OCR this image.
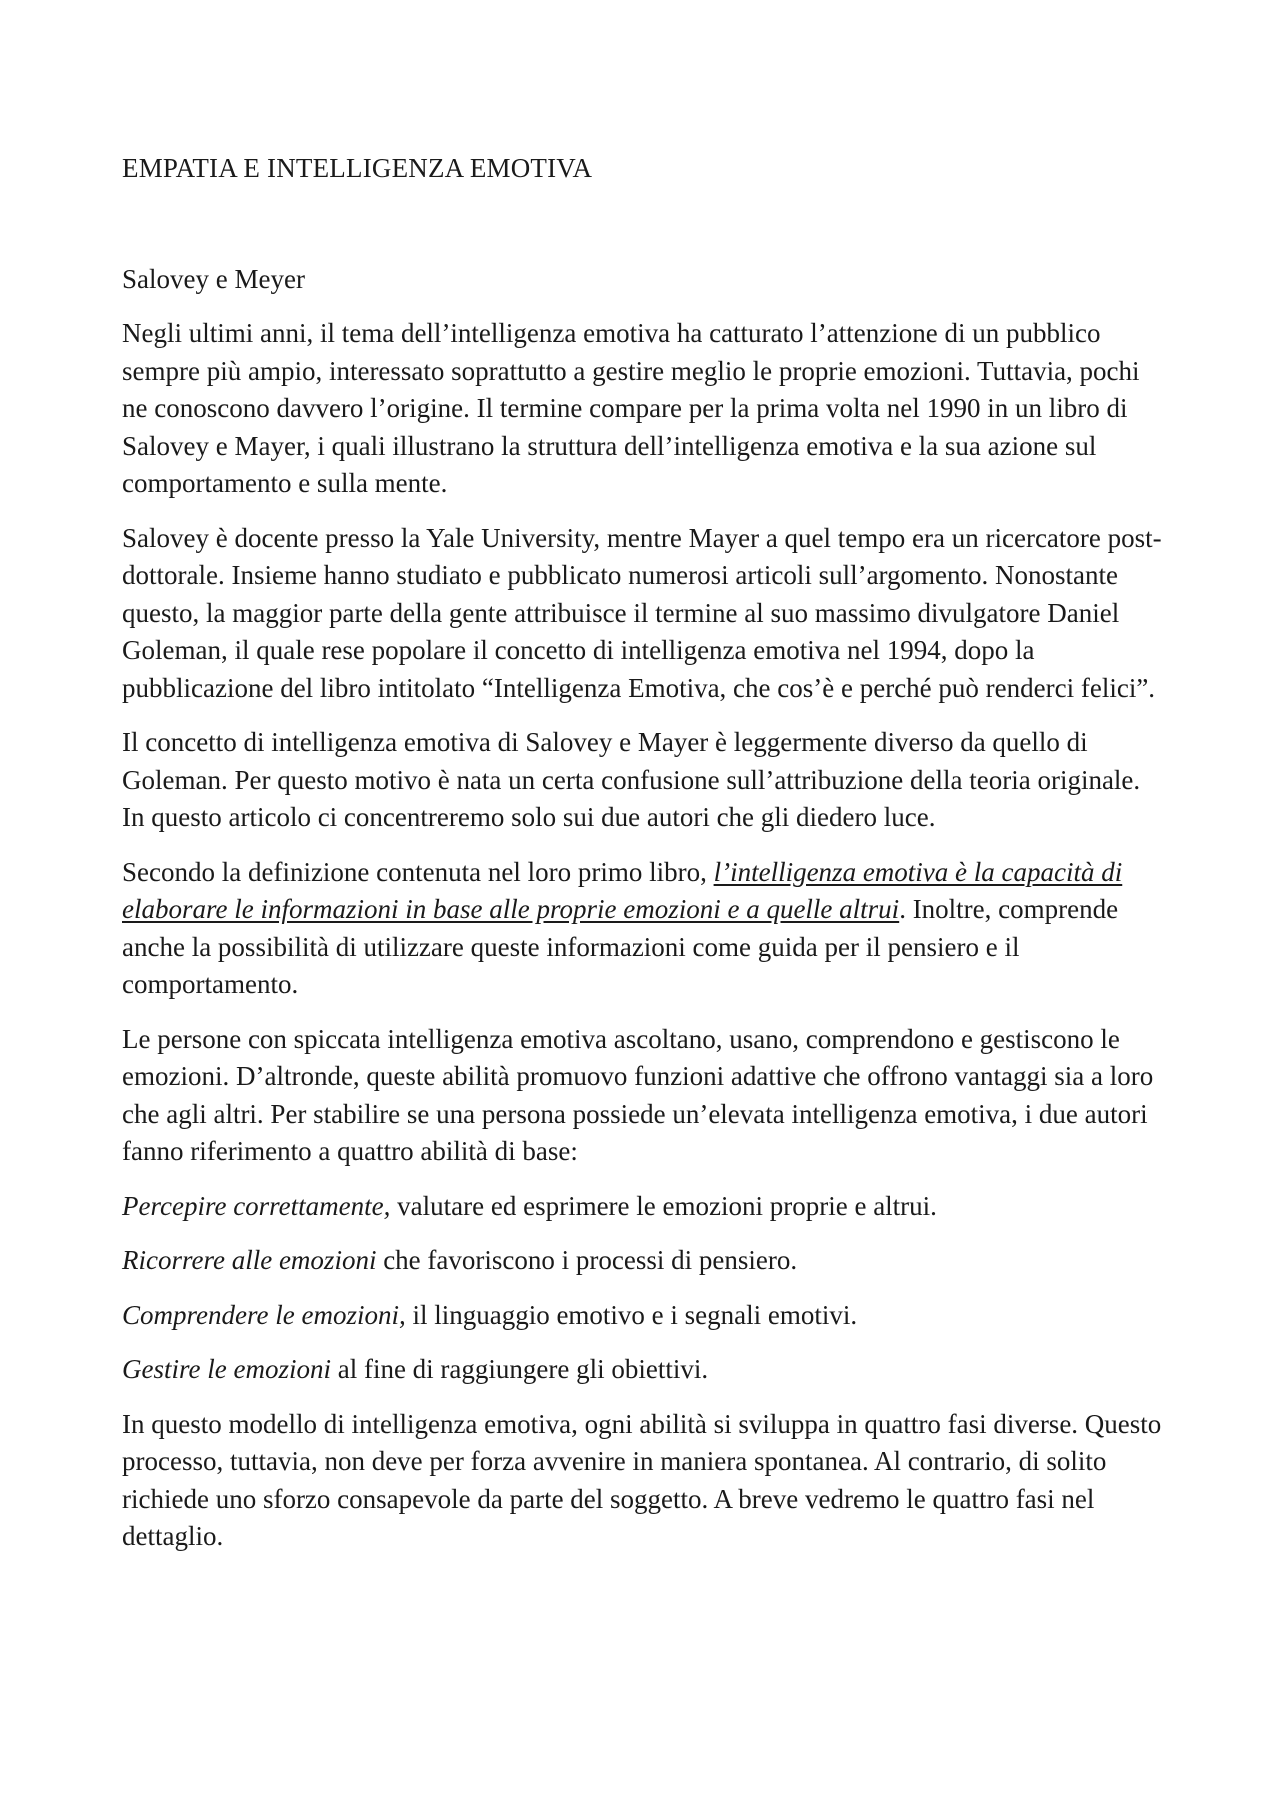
EMPATIA E INTELLIGENZA EMOTIVA
Salovey e Meyer

Negli ultimi anni, il tema dell’intelligenza emotiva ha catturato l’attenzione di un pubblico sempre più ampio, interessato soprattutto a gestire meglio le proprie emozioni. Tuttavia, pochi ne conoscono davvero l’origine. Il termine compare per la prima volta nel 1990 in un libro di Salovey e Mayer, i quali illustrano la struttura dell’intelligenza emotiva e la sua azione sul comportamento e sulla mente.

Salovey è docente presso la Yale University, mentre Mayer a quel tempo era un ricercatore post-dottorale. Insieme hanno studiato e pubblicato numerosi articoli sull’argomento. Nonostante questo, la maggior parte della gente attribuisce il termine al suo massimo divulgatore Daniel Goleman, il quale rese popolare il concetto di intelligenza emotiva nel 1994, dopo la pubblicazione del libro intitolato “Intelligenza Emotiva, che cos’è e perché può renderci felici”.

Il concetto di intelligenza emotiva di Salovey e Mayer è leggermente diverso da quello di Goleman. Per questo motivo è nata un certa confusione sull’attribuzione della teoria originale. In questo articolo ci concentreremo solo sui due autori che gli diedero luce.

Secondo la definizione contenuta nel loro primo libro, l’intelligenza emotiva è la capacità di elaborare le informazioni in base alle proprie emozioni e a quelle altrui. Inoltre, comprende anche la possibilità di utilizzare queste informazioni come guida per il pensiero e il comportamento.

Le persone con spiccata intelligenza emotiva ascoltano, usano, comprendono e gestiscono le emozioni. D’altronde, queste abilità promuovo funzioni adattive che offrono vantaggi sia a loro che agli altri. Per stabilire se una persona possiede un’elevata intelligenza emotiva, i due autori fanno riferimento a quattro abilità di base:

Percepire correttamente, valutare ed esprimere le emozioni proprie e altrui.

Ricorrere alle emozioni che favoriscono i processi di pensiero.

Comprendere le emozioni, il linguaggio emotivo e i segnali emotivi.

Gestire le emozioni al fine di raggiungere gli obiettivi.

In questo modello di intelligenza emotiva, ogni abilità si sviluppa in quattro fasi diverse. Questo processo, tuttavia, non deve per forza avvenire in maniera spontanea. Al contrario, di solito richiede uno sforzo consapevole da parte del soggetto. A breve vedremo le quattro fasi nel dettaglio.
